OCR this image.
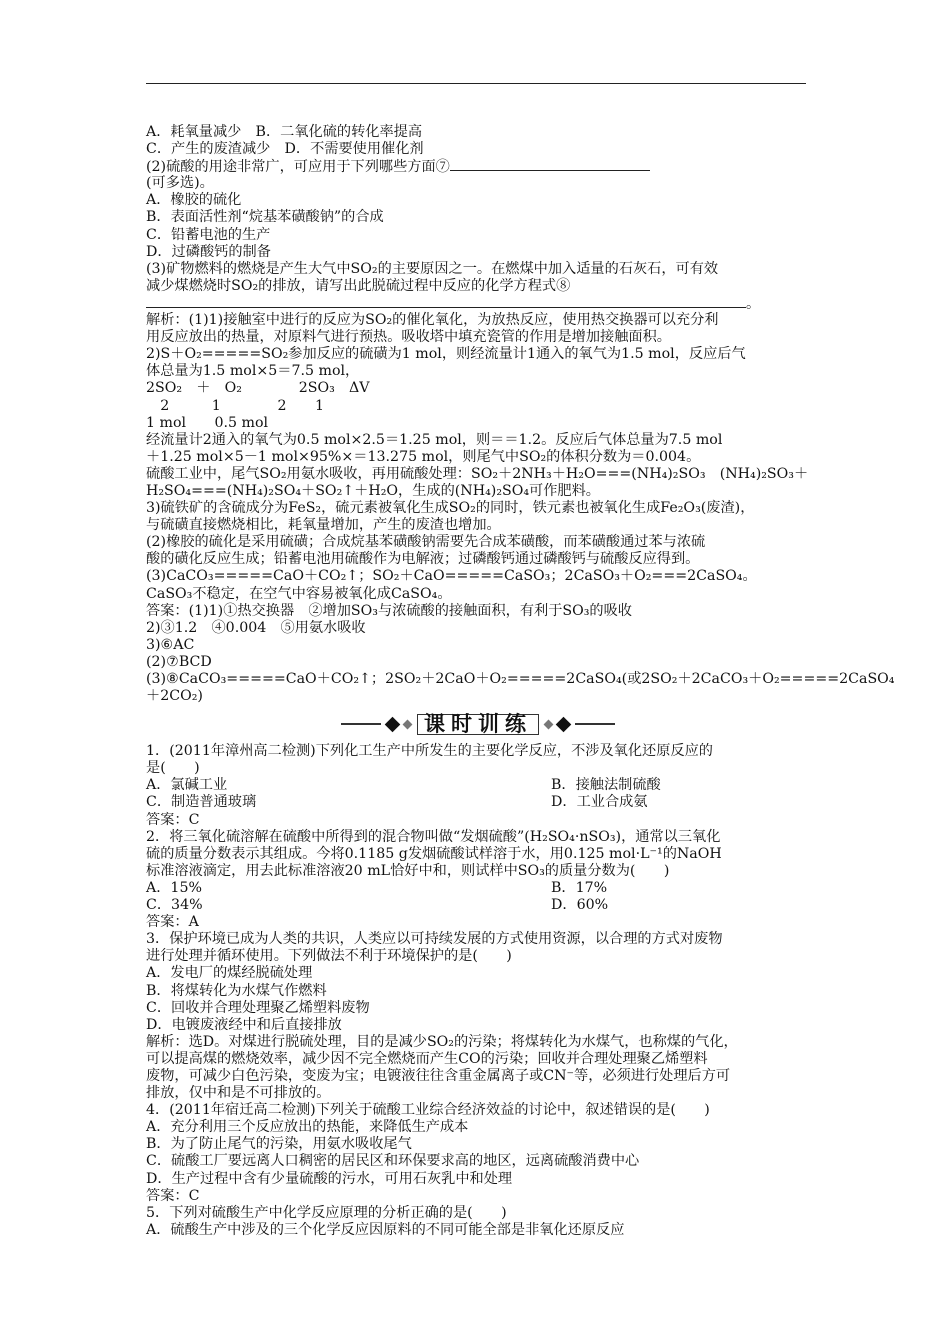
A．耗氧量减少　B．二氧化硫的转化率提高
C．产生的废渣减少　D．不需要使用催化剂
(2)硫酸的用途非常广，可应用于下列哪些方面⑦
(可多选)。
A．橡胶的硫化
B．表面活性剂“烷基苯磺酸钠”的合成
C．铅蓄电池的生产
D．过磷酸钙的制备
(3)矿物燃料的燃烧是产生大气中SO₂的主要原因之一。在燃煤中加入适量的石灰石，可有效
减少煤燃烧时SO₂的排放，请写出此脱硫过程中反应的化学方程式⑧
。
解析：(1)1)接触室中进行的反应为SO₂的催化氧化，为放热反应，使用热交换器可以充分利
用反应放出的热量，对原料气进行预热。吸收塔中填充瓷管的作用是增加接触面积。
2)S＋O₂=====SO₂参加反应的硫磺为1 mol，则经流量计1通入的氧气为1.5 mol，反应后气
体总量为1.5 mol×5＝7.5 mol，
2SO₂　＋　O₂　　　　2SO₃　ΔV
　2　　　1　　　　2　　1
1 mol　　0.5 mol
经流量计2通入的氧气为0.5 mol×2.5＝1.25 mol，则＝＝1.2。反应后气体总量为7.5 mol
＋1.25 mol×5－1 mol×95%×＝13.275 mol，则尾气中SO₂的体积分数为＝0.004。
硫酸工业中，尾气SO₂用氨水吸收，再用硫酸处理：SO₂＋2NH₃＋H₂O===(NH₄)₂SO₃　(NH₄)₂SO₃＋
H₂SO₄===(NH₄)₂SO₄＋SO₂↑＋H₂O，生成的(NH₄)₂SO₄可作肥料。
3)硫铁矿的含硫成分为FeS₂，硫元素被氧化生成SO₂的同时，铁元素也被氧化生成Fe₂O₃(废渣)，
与硫磺直接燃烧相比，耗氧量增加，产生的废渣也增加。
(2)橡胶的硫化是采用硫磺；合成烷基苯磺酸钠需要先合成苯磺酸，而苯磺酸通过苯与浓硫
酸的磺化反应生成；铅蓄电池用硫酸作为电解液；过磷酸钙通过磷酸钙与硫酸反应得到。
(3)CaCO₃=====CaO＋CO₂↑；SO₂＋CaO=====CaSO₃；2CaSO₃＋O₂===2CaSO₄。
CaSO₃不稳定，在空气中容易被氧化成CaSO₄。
答案：(1)1)①热交换器　②增加SO₃与浓硫酸的接触面积，有利于SO₃的吸收
2)③1.2　④0.004　⑤用氨水吸收
3)⑥AC
(2)⑦BCD
(3)⑧CaCO₃=====CaO＋CO₂↑；2SO₂＋2CaO＋O₂=====2CaSO₄(或2SO₂＋2CaCO₃＋O₂=====2CaSO₄
＋2CO₂)
课时训练
1．(2011年漳州高二检测)下列化工生产中所发生的主要化学反应，不涉及氧化还原反应的
是(　　)
A．氯碱工业	B．接触法制硫酸
C．制造普通玻璃	D．工业合成氨
答案：C
2．将三氧化硫溶解在硫酸中所得到的混合物叫做“发烟硫酸”(H₂SO₄·nSO₃)，通常以三氧化
硫的质量分数表示其组成。今将0.1185 g发烟硫酸试样溶于水，用0.125 mol·L⁻¹的NaOH
标准溶液滴定，用去此标准溶液20 mL恰好中和，则试样中SO₃的质量分数为(　　)
A．15%	B．17%
C．34%	D．60%
答案：A
3．保护环境已成为人类的共识，人类应以可持续发展的方式使用资源，以合理的方式对废物
进行处理并循环使用。下列做法不利于环境保护的是(　　)
A．发电厂的煤经脱硫处理
B．将煤转化为水煤气作燃料
C．回收并合理处理聚乙烯塑料废物
D．电镀废液经中和后直接排放
解析：选D。对煤进行脱硫处理，目的是减少SO₂的污染；将煤转化为水煤气，也称煤的气化，
可以提高煤的燃烧效率，减少因不完全燃烧而产生CO的污染；回收并合理处理聚乙烯塑料
废物，可减少白色污染，变废为宝；电镀液往往含重金属离子或CN⁻等，必须进行处理后方可
排放，仅中和是不可排放的。
4．(2011年宿迁高二检测)下列关于硫酸工业综合经济效益的讨论中，叙述错误的是(　　)
A．充分利用三个反应放出的热能，来降低生产成本
B．为了防止尾气的污染，用氨水吸收尾气
C．硫酸工厂要远离人口稠密的居民区和环保要求高的地区，远离硫酸消费中心
D．生产过程中含有少量硫酸的污水，可用石灰乳中和处理
答案：C
5．下列对硫酸生产中化学反应原理的分析正确的是(　　)
A．硫酸生产中涉及的三个化学反应因原料的不同可能全部是非氧化还原反应
